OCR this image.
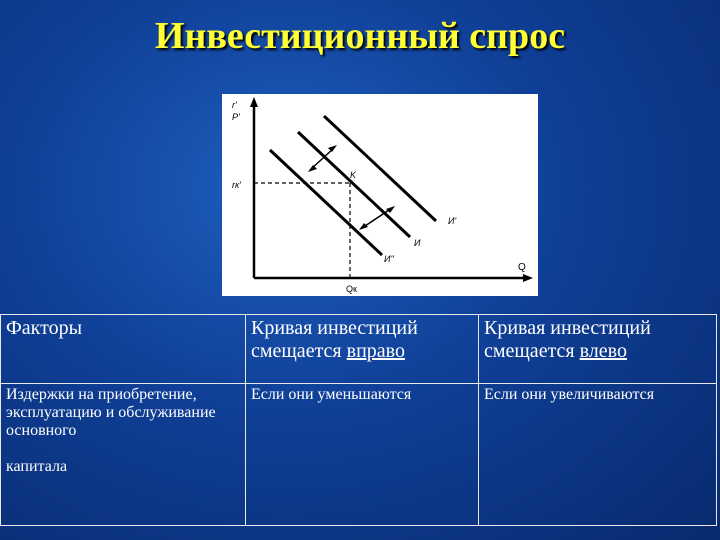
Инвестиционный спрос
r'
P'
rк'
Q
Qк
И'
И
И''
K
Факторы	Кривая инвестиций смещается вправо	Кривая инвестиций смещается влево
Издержки на приобретение, эксплуатацию и обслуживание основного
капитала	Если они уменьшаются	Если они увеличиваются
